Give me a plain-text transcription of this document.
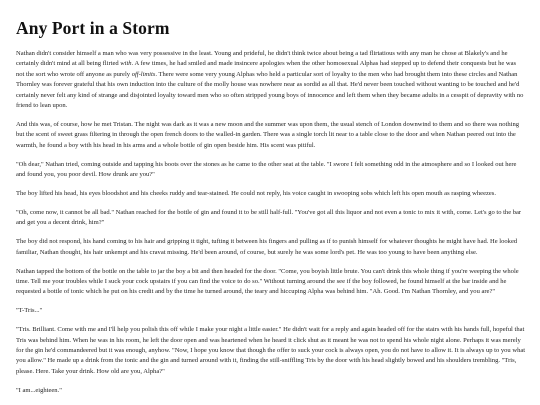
Any Port in a Storm

Nathan didn't consider himself a man who was very possessive in the least. Young and prideful, he didn't think twice about being a tad flirtatious with any man he chose at Blakely's and he certainly didn't mind at all being flirted with. A few times, he had smiled and made insincere apologies when the other homosexual Alphas had stepped up to defend their conquests but he was not the sort who wrote off anyone as purely off-limits. There were some very young Alphas who held a particular sort of loyalty to the men who had brought them into these circles and Nathan Thornley was forever grateful that his own induction into the culture of the molly house was nowhere near as sordid as all that. He'd never been touched without wanting to be touched and he'd certainly never felt any kind of strange and disjointed loyalty toward men who so often stripped young boys of innocence and left them when they became adults in a cesspit of depravity with no friend to lean upon.

And this was, of course, how he met Tristan. The night was dark as it was a new moon and the summer was upon them, the usual stench of London downwind to them and so there was nothing but the scent of sweet grass filtering in through the open french doors to the walled-in garden. There was a single torch lit near to a table close to the door and when Nathan peered out into the warmth, he found a boy with his head in his arms and a whole bottle of gin open beside him. His scent was pitiful.

"Oh dear," Nathan tried, coming outside and tapping his boots over the stones as he came to the other seat at the table. "I swore I felt something odd in the atmosphere and so I looked out here and found you, you poor devil. How drunk are you?"

The boy lifted his head, his eyes bloodshot and his cheeks ruddy and tear-stained. He could not reply, his voice caught in swooping sobs which left his open mouth as rasping wheezes.

"Oh, come now, it cannot be all bad." Nathan reached for the bottle of gin and found it to be still half-full. "You've got all this liquor and not even a tonic to mix it with, come. Let's go to the bar and get you a decent drink, him?"

The boy did not respond, his hand coming to his hair and gripping it tight, tufting it between his fingers and pulling as if to punish himself for whatever thoughts he might have had. He looked familiar, Nathan thought, his hair unkempt and his cravat missing. He'd been around, of course, but surely he was some lord's pet. He was too young to have been anything else.

Nathan tapped the bottom of the bottle on the table to jar the boy a bit and then headed for the door. "Come, you boyish little brute. You can't drink this whole thing if you're weeping the whole time. Tell me your troubles while I suck your cock upstairs if you can find the voice to do so." Without turning around the see if the boy followed, he found himself at the bar inside and he requested a bottle of tonic which he put on his credit and by the time he turned around, the teary and hiccuping Alpha was behind him. "Ah. Good. I'm Nathan Thornley, and you are?"

"T-Tris..."

"Tris. Brilliant. Come with me and I'll help you polish this off while I make your night a little easier." He didn't wait for a reply and again headed off for the stairs with his hands full, hopeful that Tris was behind him. When he was in his room, he left the door open and was heartened when he heard it click shut as it meant he was not to spend his whole night alone. Perhaps it was merely for the gin he'd commandeered but it was enough, anyhow. "Now, I hope you know that though the offer to suck your cock is always open, you do not have to allow it. It is always up to you what you allow." He made up a drink from the tonic and the gin and turned around with it, finding the still-sniffling Tris by the door with his head slightly bowed and his shoulders trembling. "Tris, please. Here. Take your drink. How old are you, Alpha?"

"I am...eighteen."
